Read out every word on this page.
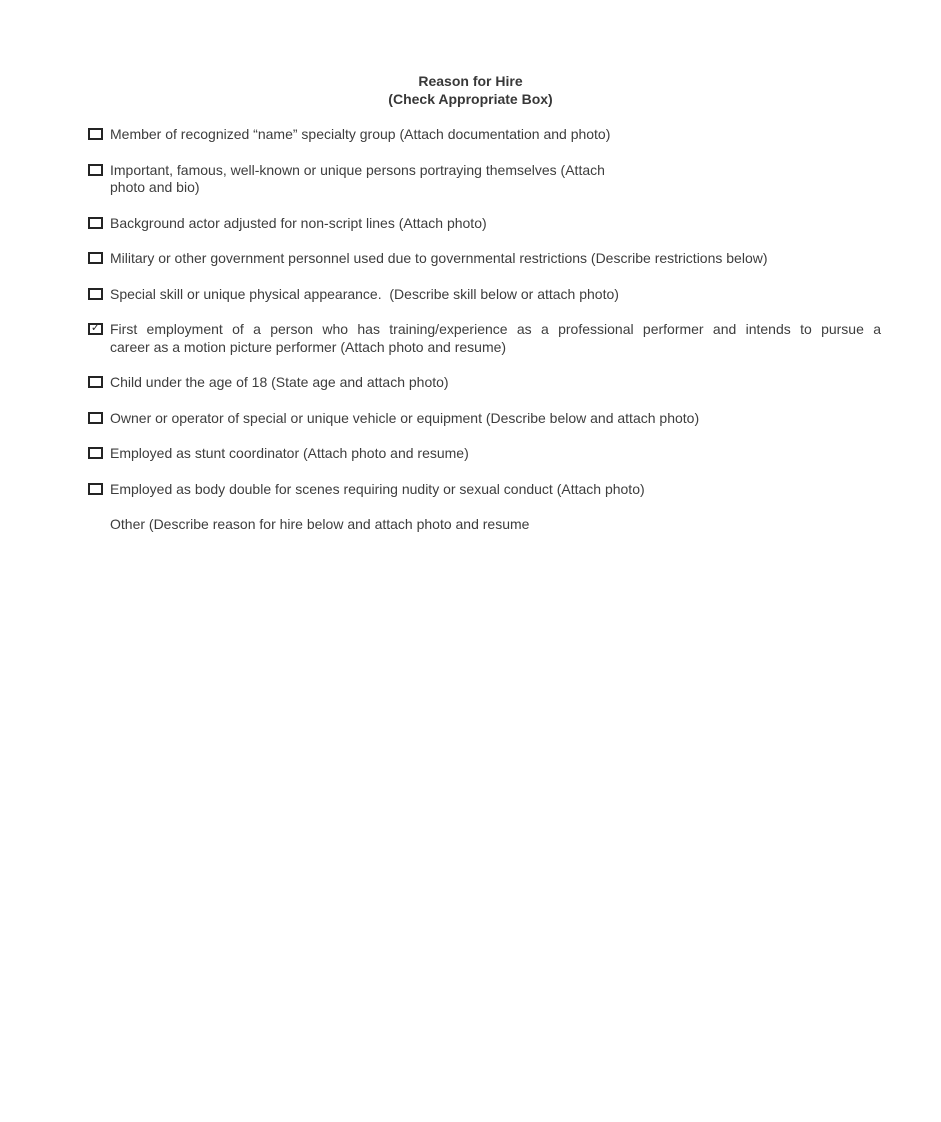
Reason for Hire
(Check Appropriate Box)
Member of recognized “name” specialty group (Attach documentation and photo)
Important, famous, well-known or unique persons portraying themselves (Attach
photo and bio)
Background actor adjusted for non-script lines (Attach photo)
Military or other government personnel used due to governmental restrictions (Describe restrictions below)
Special skill or unique physical appearance.  (Describe skill below or attach photo)
✓ First employment of a person who has training/experience as a professional performer and intends to pursue a
career as a motion picture performer (Attach photo and resume)
Child under the age of 18 (State age and attach photo)
Owner or operator of special or unique vehicle or equipment (Describe below and attach photo)
Employed as stunt coordinator (Attach photo and resume)
Employed as body double for scenes requiring nudity or sexual conduct (Attach photo)
Other (Describe reason for hire below and attach photo and resume
